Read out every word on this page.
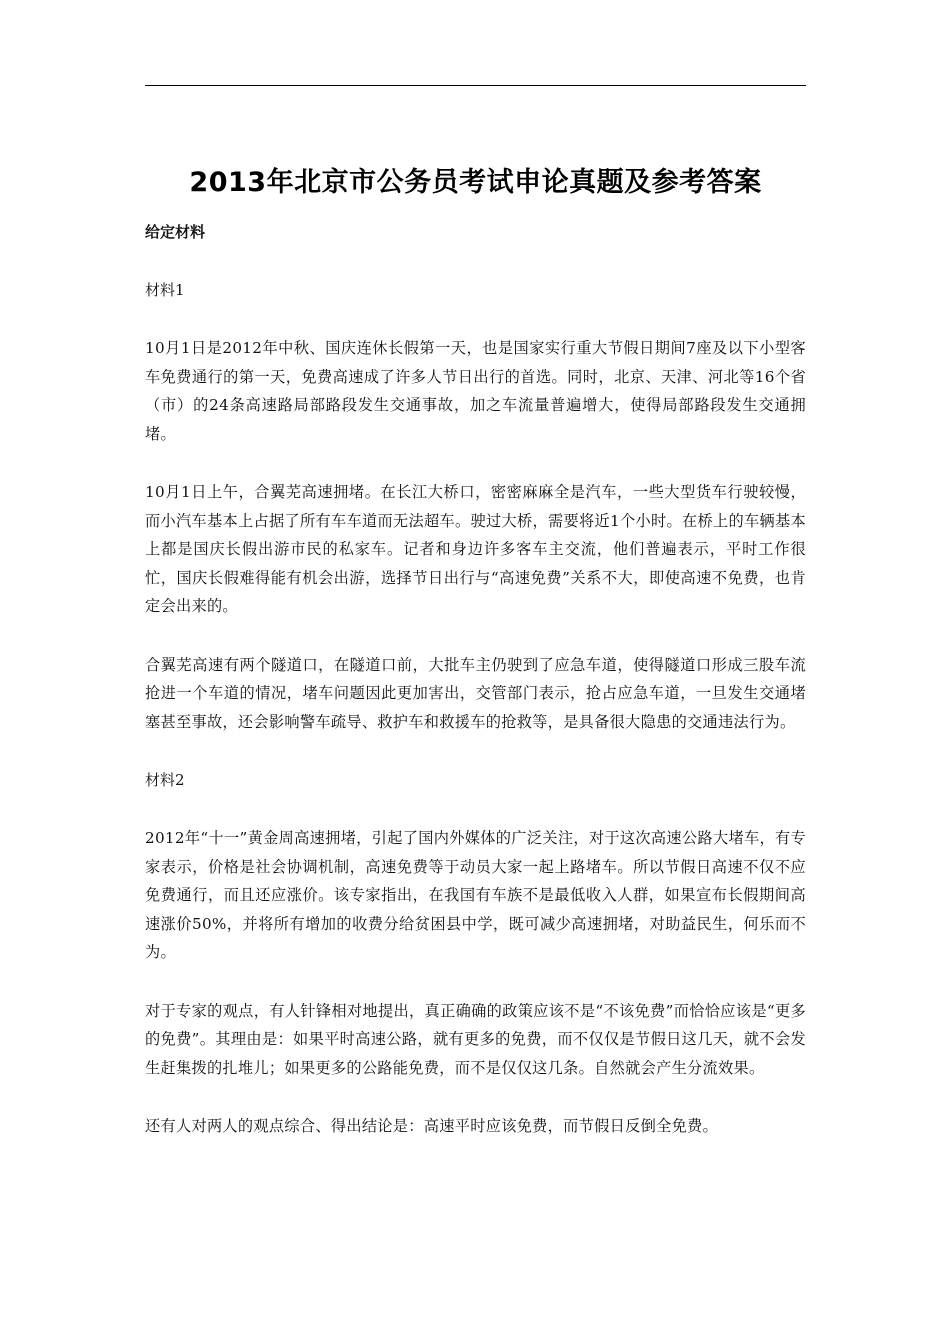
2013年北京市公务员考试申论真题及参考答案
给定材料
材料1

10月1日是2012年中秋、国庆连休长假第一天，也是国家实行重大节假日期间7座及以下小型客车免费通行的第一天，免费高速成了许多人节日出行的首选。同时，北京、天津、河北等16个省（市）的24条高速路局部路段发生交通事故，加之车流量普遍增大，使得局部路段发生交通拥堵。

10月1日上午，合翼芜高速拥堵。在长江大桥口，密密麻麻全是汽车，一些大型货车行驶较慢，而小汽车基本上占据了所有车车道而无法超车。驶过大桥，需要将近1个小时。在桥上的车辆基本上都是国庆长假出游市民的私家车。记者和身边许多客车主交流，他们普遍表示，平时工作很忙，国庆长假难得能有机会出游，选择节日出行与“高速免费”关系不大，即使高速不免费，也肯定会出来的。

合翼芜高速有两个隧道口，在隧道口前，大批车主仍驶到了应急车道，使得隧道口形成三股车流抢进一个车道的情况，堵车问题因此更加害出，交管部门表示，抢占应急车道，一旦发生交通堵塞甚至事故，还会影响警车疏导、救护车和救援车的抢救等，是具备很大隐患的交通违法行为。

材料2

2012年“十一”黄金周高速拥堵，引起了国内外媒体的广泛关注，对于这次高速公路大堵车，有专家表示，价格是社会协调机制，高速免费等于动员大家一起上路堵车。所以节假日高速不仅不应免费通行，而且还应涨价。该专家指出，在我国有车族不是最低收入人群，如果宣布长假期间高速涨价50%，并将所有增加的收费分给贫困县中学，既可减少高速拥堵，对助益民生，何乐而不为。

对于专家的观点，有人针锋相对地提出，真正确确的政策应该不是“不该免费”而恰恰应该是“更多的免费”。其理由是：如果平时高速公路，就有更多的免费，而不仅仅是节假日这几天，就不会发生赶集拨的扎堆儿；如果更多的公路能免费，而不是仅仅这几条。自然就会产生分流效果。

还有人对两人的观点综合、得出结论是：高速平时应该免费，而节假日反倒全免费。
